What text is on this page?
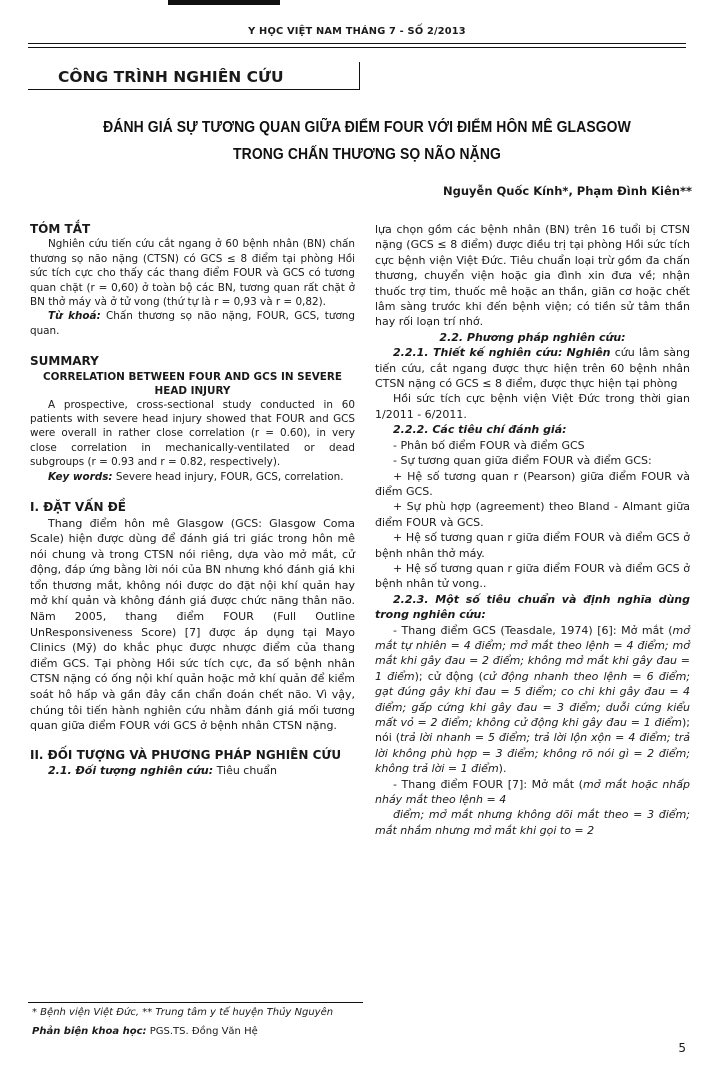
Y HỌC VIỆT NAM THÁNG 7 - SỐ 2/2013
CÔNG TRÌNH NGHIÊN CỨU
ĐÁNH GIÁ SỰ TƯƠNG QUAN GIỮA ĐIỂM FOUR VỚI ĐIỂM HÔN MÊ GLASGOW
TRONG CHẤN THƯƠNG SỌ NÃO NẶNG
Nguyễn Quốc Kính*, Phạm Đình Kiên**

TÓM TẮT

Nghiên cứu tiến cứu cắt ngang ở 60 bệnh nhân (BN) chấn thương sọ não nặng (CTSN) có GCS ≤ 8 điểm tại phòng Hồi sức tích cực cho thấy các thang điểm FOUR và GCS có tương quan chặt (r = 0,60) ở toàn bộ các BN, tương quan rất chặt ở BN thở máy và ở tử vong (thứ tự là r = 0,93 và r = 0,82).

Từ khoá: Chấn thương sọ não nặng, FOUR, GCS, tương quan.

SUMMARY

CORRELATION BETWEEN FOUR AND GCS IN SEVERE HEAD INJURY

A prospective, cross-sectional study conducted in 60 patients with severe head injury showed that FOUR and GCS were overall in rather close correlation (r = 0.60), in very close correlation in mechanically-ventilated or dead subgroups (r = 0.93 and r = 0.82, respectively).

Key words: Severe head injury, FOUR, GCS, correlation.

I. ĐẶT VẤN ĐỀ

Thang điểm hôn mê Glasgow (GCS: Glasgow Coma Scale) hiện được dùng để đánh giá tri giác trong hôn mê nói chung và trong CTSN nói riêng, dựa vào mở mắt, cử động, đáp ứng bằng lời nói của BN nhưng khó đánh giá khi tổn thương mắt, không nói được do đặt nội khí quản hay mở khí quản và không đánh giá được chức năng thân não. Năm 2005, thang điểm FOUR (Full Outline UnResponsiveness Score) [7] được áp dụng tại Mayo Clinics (Mỹ) do khắc phục được nhược điểm của thang điểm GCS. Tại phòng Hồi sức tích cực, đa số bệnh nhân CTSN nặng có ống nội khí quản hoặc mở khí quản để kiểm soát hô hấp và gần đây cần chẩn đoán chết não. Vì vậy, chúng tôi tiến hành nghiên cứu nhằm đánh giá mối tương quan giữa điểm FOUR với GCS ở bệnh nhân CTSN nặng.

II. ĐỐI TƯỢNG VÀ PHƯƠNG PHÁP NGHIÊN CỨU

2.1. Đối tượng nghiên cứu: Tiêu chuẩn

lựa chọn gồm các bệnh nhân (BN) trên 16 tuổi bị CTSN nặng (GCS ≤ 8 điểm) được điều trị tại phòng Hồi sức tích cực bệnh viện Việt Đức. Tiêu chuẩn loại trừ gồm đa chấn thương, chuyển viện hoặc gia đình xin đưa về; nhận thuốc trợ tim, thuốc mê hoặc an thần, giãn cơ hoặc chết lâm sàng trước khi đến bệnh viện; có tiền sử tâm thần hay rối loạn trí nhớ.

2.2. Phương pháp nghiên cứu:

2.2.1. Thiết kế nghiên cứu: Nghiên cứu lâm sàng tiến cứu, cắt ngang được thực hiện trên 60 bệnh nhân CTSN nặng có GCS ≤ 8 điểm, được thực hiện tại phòng

Hồi sức tích cực bệnh viện Việt Đức trong thời gian 1/2011 - 6/2011.

2.2.2. Các tiêu chí đánh giá:

- Phân bố điểm FOUR và điểm GCS

- Sự tương quan giữa điểm FOUR và điểm GCS:

+ Hệ số tương quan r (Pearson) giữa điểm FOUR và điểm GCS.

+ Sự phù hợp (agreement) theo Bland - Almant giữa điểm FOUR và GCS.

+ Hệ số tương quan r giữa điểm FOUR và điểm GCS ở bệnh nhân thở máy.

+ Hệ số tương quan r giữa điểm FOUR và điểm GCS ở bệnh nhân tử vong..

2.2.3. Một số tiêu chuẩn và định nghĩa dùng trong nghiên cứu:

- Thang điểm GCS (Teasdale, 1974) [6]: Mở mắt (mở mắt tự nhiên = 4 điểm; mở mắt theo lệnh = 4 điểm; mở mắt khi gây đau = 2 điểm; không mở mắt khi gây đau = 1 điểm); cử động (cử động nhanh theo lệnh = 6 điểm; gạt đúng gây khi đau = 5 điểm; co chi khi gây đau = 4 điểm; gấp cứng khi gây đau = 3 điểm; duỗi cứng kiểu mất vỏ = 2 điểm; không cử động khi gây đau = 1 điểm); nói (trả lời nhanh = 5 điểm; trả lời lộn xộn = 4 điểm; trả lời không phù hợp = 3 điểm; không rõ nói gì = 2 điểm; không trả lời = 1 điểm).

- Thang điểm FOUR [7]: Mở mắt (mở mắt hoặc nhấp nháy mắt theo lệnh = 4

điểm; mở mắt nhưng không dõi mắt theo = 3 điểm; mắt nhắm nhưng mở mắt khi gọi to = 2

* Bệnh viện Việt Đức, ** Trung tâm y tế huyện Thủy Nguyên
Phản biện khoa học: PGS.TS. Đồng Văn Hệ
5
